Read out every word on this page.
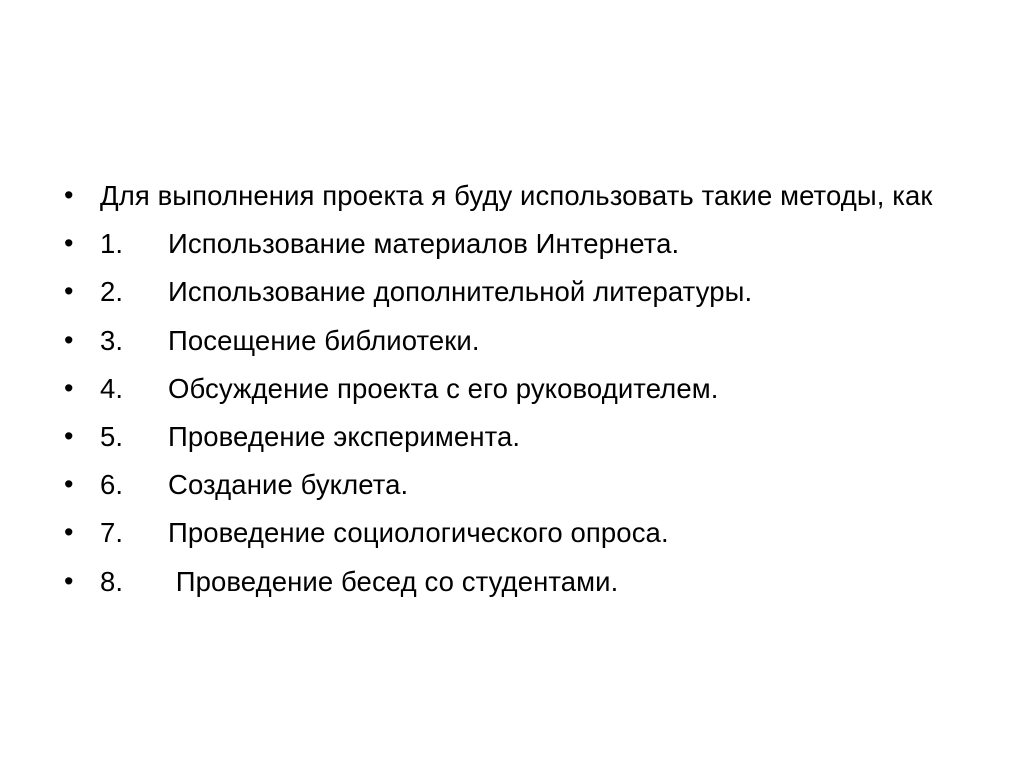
• Для выполнения проекта я буду использовать такие методы, как
• 1. Использование материалов Интернета.
• 2. Использование дополнительной литературы.
• 3. Посещение библиотеки.
• 4. Обсуждение проекта с его руководителем.
• 5. Проведение эксперимента.
• 6. Создание буклета.
• 7. Проведение социологического опроса.
• 8. Проведение бесед со студентами.
